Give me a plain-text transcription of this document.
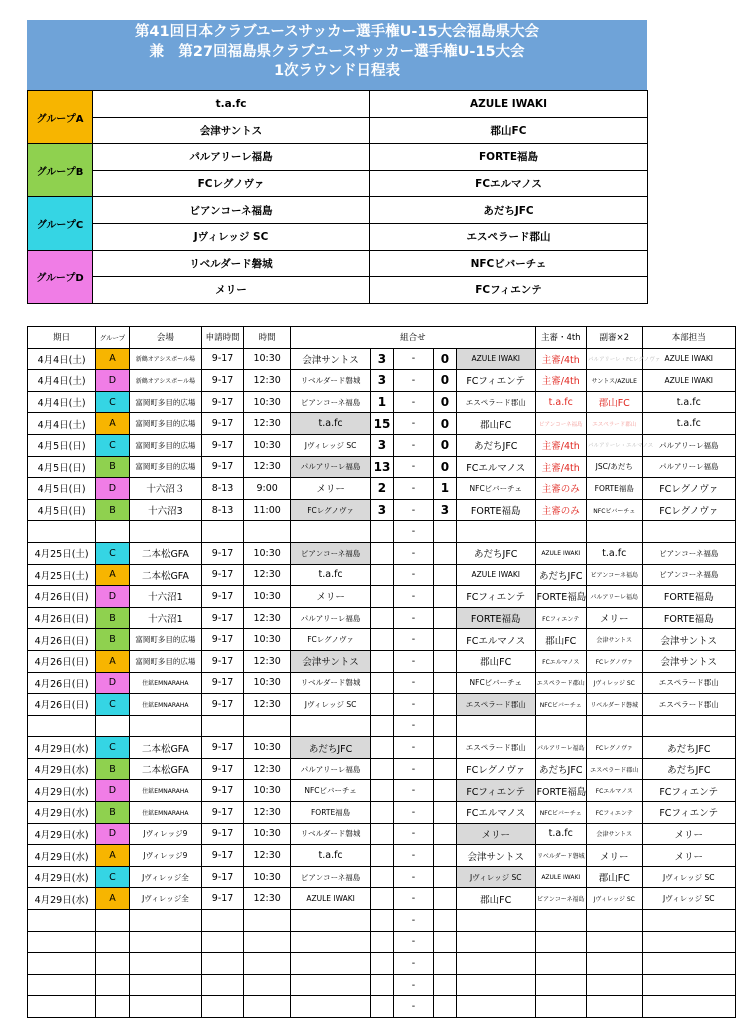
第41回日本クラブユースサッカー選手権U-15大会福島県大会
兼　第27回福島県クラブユースサッカー選手権U-15大会
1次ラウンド日程表
グループA	t.a.fc	AZULE IWAKI
	会津サントス	郡山FC
グループB	パルアリーレ福島	FORTE福島
	FCレグノヴァ	FCエルマノス
グループC	ビアンコーネ福島	あだちJFC
	Jヴィレッジ SC	エスペラード郡山
グループD	リベルダード磐城	NFCビバーチェ
	メリー	FCフィエンテ
期日	グループ	会場	申請時間	時間	組合せ					主審・4th	副審×2	本部担当
4月4日(土)	A	新鶴オアシスボール場	9-17	10:30	会津サントス	3	-	0	AZULE IWAKI	主審/4th	パルアリーレ・FCレグノヴァ	AZULE IWAKI
4月4日(土)	D	新鶴オアシスボール場	9-17	12:30	リベルダード磐城	3	-	0	FCフィエンテ	主審/4th	サントス/AZULE	AZULE IWAKI
4月4日(土)	C	富岡町多目的広場	9-17	10:30	ビアンコーネ福島	1	-	0	エスペラード郡山	t.a.fc	郡山FC	t.a.fc
4月4日(土)	A	富岡町多目的広場	9-17	12:30	t.a.fc	15	-	0	郡山FC	ビアンコーネ福島	エスペラード郡山	t.a.fc
4月5日(日)	C	富岡町多目的広場	9-17	10:30	Jヴィレッジ SC	3	-	0	あだちJFC	主審/4th	パルアリーレ・エルマノス	パルアリーレ福島
4月5日(日)	B	富岡町多目的広場	9-17	12:30	パルアリーレ福島	13	-	0	FCエルマノス	主審/4th	JSC/あだち	パルアリーレ福島
4月5日(日)	D	十六沼３	8-13	9:00	メリー	2	-	1	NFCビバーチェ	主審のみ	FORTE福島	FCレグノヴァ
4月5日(日)	B	十六沼3	8-13	11:00	FCレグノヴァ	3	-	3	FORTE福島	主審のみ	NFCビバーチェ	FCレグノヴァ
							-					
4月25日(土)	C	二本松GFA	9-17	10:30	ビアンコーネ福島		-		あだちJFC	AZULE IWAKI	t.a.fc	ビアンコーネ福島
4月25日(土)	A	二本松GFA	9-17	12:30	t.a.fc		-		AZULE IWAKI	あだちJFC	ビアンコーネ福島	ビアンコーネ福島
4月26日(日)	D	十六沼1	9-17	10:30	メリー		-		FCフィエンテ	FORTE福島	パルアリーレ福島	FORTE福島
4月26日(日)	B	十六沼1	9-17	12:30	パルアリーレ福島		-		FORTE福島	FCフィエンテ	メリー	FORTE福島
4月26日(日)	B	富岡町多目的広場	9-17	10:30	FCレグノヴァ		-		FCエルマノス	郡山FC	会津サントス	会津サントス
4月26日(日)	A	富岡町多目的広場	9-17	12:30	会津サントス		-		郡山FC	FCエルマノス	FCレグノヴァ	会津サントス
4月26日(日)	D	住鉱EMNARAHA	9-17	10:30	リベルダード磐城		-		NFCビバーチェ	エスペラード郡山	Jヴィレッジ SC	エスペラード郡山
4月26日(日)	C	住鉱EMNARAHA	9-17	12:30	Jヴィレッジ SC		-		エスペラード郡山	NFCビバーチェ	リベルダード磐城	エスペラード郡山
							-					
4月29日(水)	C	二本松GFA	9-17	10:30	あだちJFC		-		エスペラード郡山	パルアリーレ福島	FCレグノヴァ	あだちJFC
4月29日(水)	B	二本松GFA	9-17	12:30	パルアリーレ福島		-		FCレグノヴァ	あだちJFC	エスペラード郡山	あだちJFC
4月29日(水)	D	住鉱EMNARAHA	9-17	10:30	NFCビバーチェ		-		FCフィエンテ	FORTE福島	FCエルマノス	FCフィエンテ
4月29日(水)	B	住鉱EMNARAHA	9-17	12:30	FORTE福島		-		FCエルマノス	NFCビバーチェ	FCフィエンテ	FCフィエンテ
4月29日(水)	D	Jヴィレッジ9	9-17	10:30	リベルダード磐城		-		メリー	t.a.fc	会津サントス	メリー
4月29日(水)	A	Jヴィレッジ9	9-17	12:30	t.a.fc		-		会津サントス	リベルダード磐城	メリー	メリー
4月29日(水)	C	Jヴィレッジ全	9-17	10:30	ビアンコーネ福島		-		Jヴィレッジ SC	AZULE IWAKI	郡山FC	Jヴィレッジ SC
4月29日(水)	A	Jヴィレッジ全	9-17	12:30	AZULE IWAKI		-		郡山FC	ビアンコーネ福島	Jヴィレッジ SC	Jヴィレッジ SC
							-					
							-					
							-					
							-					
							-					
